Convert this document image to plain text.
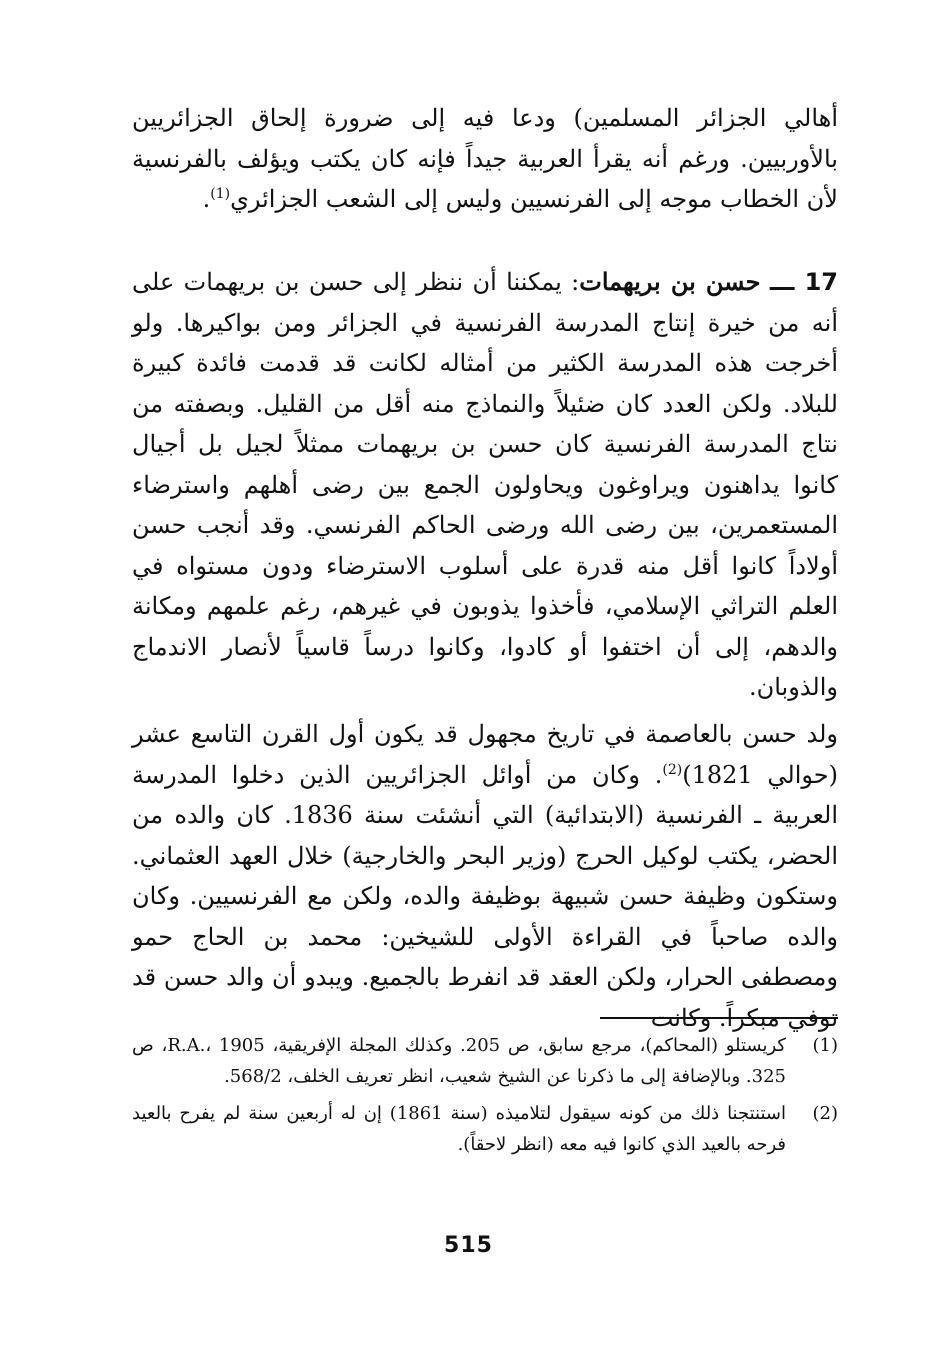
أهالي الجزائر المسلمين) ودعا فيه إلى ضرورة إلحاق الجزائريين بالأوربيين. ورغم أنه يقرأ العربية جيداً فإنه كان يكتب ويؤلف بالفرنسية لأن الخطاب موجه إلى الفرنسيين وليس إلى الشعب الجزائري$^{(1)}$.

17 ـــ حسن بن بريهمات: يمكننا أن ننظر إلى حسن بن بريهمات على أنه من خيرة إنتاج المدرسة الفرنسية في الجزائر ومن بواكيرها. ولو أخرجت هذه المدرسة الكثير من أمثاله لكانت قد قدمت فائدة كبيرة للبلاد. ولكن العدد كان ضئيلاً والنماذج منه أقل من القليل. وبصفته من نتاج المدرسة الفرنسية كان حسن بن بريهمات ممثلاً لجيل بل أجيال كانوا يداهنون ويراوغون ويحاولون الجمع بين رضى أهلهم واسترضاء المستعمرين، بين رضى الله ورضى الحاكم الفرنسي. وقد أنجب حسن أولاداً كانوا أقل منه قدرة على أسلوب الاسترضاء ودون مستواه في العلم التراثي الإسلامي، فأخذوا يذوبون في غيرهم، رغم علمهم ومكانة والدهم، إلى أن اختفوا أو كادوا، وكانوا درساً قاسياً لأنصار الاندماج والذوبان.

ولد حسن بالعاصمة في تاريخ مجهول قد يكون أول القرن التاسع عشر (حوالي 1821)$^{(2)}$. وكان من أوائل الجزائريين الذين دخلوا المدرسة العربية ـ الفرنسية (الابتدائية) التي أنشئت سنة 1836. كان والده من الحضر، يكتب لوكيل الحرج (وزير البحر والخارجية) خلال العهد العثماني. وستكون وظيفة حسن شبيهة بوظيفة والده، ولكن مع الفرنسيين. وكان والده صاحباً في القراءة الأولى للشيخين: محمد بن الحاج حمو ومصطفى الحرار، ولكن العقد قد انفرط بالجميع. ويبدو أن والد حسن قد توفي مبكراً. وكانت

(1)
كريستلو (المحاكم)، مرجع سابق، ص 205. وكذلك المجلة الإفريقية، R.A.، 1905، ص 325. وبالإضافة إلى ما ذكرنا عن الشيخ شعيب، انظر تعريف الخلف، 568/2.
(2)
استنتجنا ذلك من كونه سيقول لتلاميذه (سنة 1861) إن له أربعين سنة لم يفرح بالعيد فرحه بالعيد الذي كانوا فيه معه (انظر لاحقاً).
515
